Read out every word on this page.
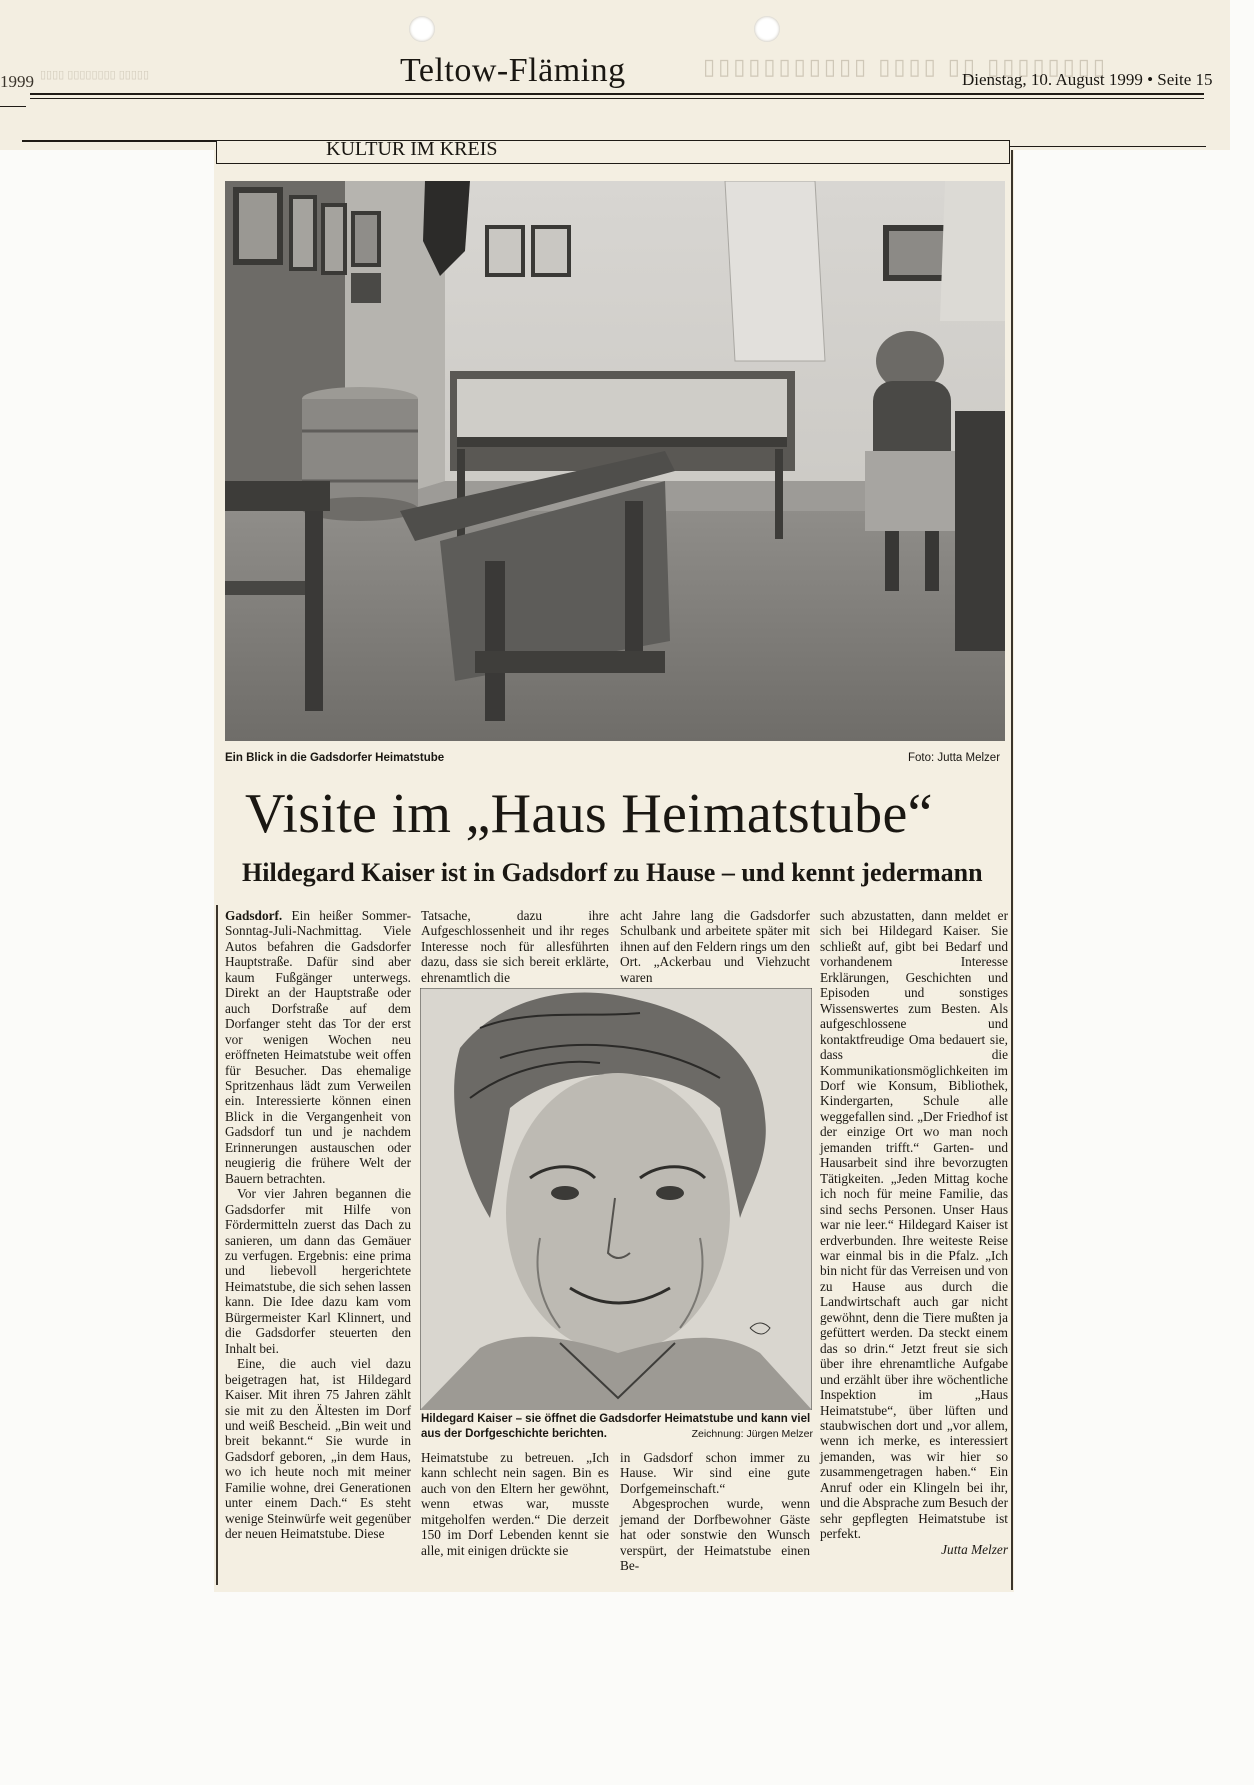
1999
▯▯▯▯▯▯▯▯ ▯▯ ▯▯▯▯ ▯▯▯▯▯▯▯▯▯▯▯
▯▯▯▯ ▯▯▯▯▯▯▯▯ ▯▯▯▯▯	Teltow-Fläming	Dienstag, 10. August 1999 • Seite 15
KULTUR IM KREIS
Ein Blick in die Gadsdorfer Heimatstube	Foto: Jutta Melzer
Visite im „Haus Heimatstube“
Hildegard Kaiser ist in Gadsdorf zu Hause – und kennt jedermann

Gadsdorf. Ein heißer Sommer-Sonntag-Juli-Nachmittag. Viele Autos befahren die Gadsdorfer Hauptstraße. Dafür sind aber kaum Fußgänger unterwegs. Direkt an der Hauptstraße oder auch Dorfstraße auf dem Dorfanger steht das Tor der erst vor wenigen Wochen neu eröffneten Heimatstube weit offen für Besucher. Das ehemalige Spritzenhaus lädt zum Verweilen ein. Interessierte können einen Blick in die Vergangenheit von Gadsdorf tun und je nachdem Erinnerungen austauschen oder neugierig die frühere Welt der Bauern betrachten.

Vor vier Jahren begannen die Gadsdorfer mit Hilfe von Fördermitteln zuerst das Dach zu sanieren, um dann das Gemäuer zu verfugen. Ergebnis: eine prima und liebevoll hergerichtete Heimatstube, die sich sehen lassen kann. Die Idee dazu kam vom Bürgermeister Karl Klinnert, und die Gadsdorfer steuerten den Inhalt bei.

Eine, die auch viel dazu beigetragen hat, ist Hildegard Kaiser. Mit ihren 75 Jahren zählt sie mit zu den Ältesten im Dorf und weiß Bescheid. „Bin weit und breit bekannt.“ Sie wurde in Gadsdorf geboren, „in dem Haus, wo ich heute noch mit meiner Familie wohne, drei Generationen unter einem Dach.“ Es steht wenige Steinwürfe weit gegenüber der neuen Heimatstube. Diese

Tatsache, dazu ihre Aufgeschlossenheit und ihr reges Interesse noch für allesführten dazu, dass sie sich bereit erklärte, ehrenamtlich die

acht Jahre lang die Gadsdorfer Schulbank und arbeitete später mit ihnen auf den Feldern rings um den Ort. „Ackerbau und Viehzucht waren

Hildegard Kaiser – sie öffnet die Gadsdorfer Heimatstube und kann viel aus der Dorfgeschichte berichten.	Zeichnung: Jürgen Melzer

Heimatstube zu betreuen. „Ich kann schlecht nein sagen. Bin es auch von den Eltern her gewöhnt, wenn etwas war, musste mitgeholfen werden.“ Die derzeit 150 im Dorf Lebenden kennt sie alle, mit einigen drückte sie

in Gadsdorf schon immer zu Hause. Wir sind eine gute Dorfgemeinschaft.“

Abgesprochen wurde, wenn jemand der Dorfbewohner Gäste hat oder sonstwie den Wunsch verspürt, der Heimatstube einen Be-

such abzustatten, dann meldet er sich bei Hildegard Kaiser. Sie schließt auf, gibt bei Bedarf und vorhandenem Interesse Erklärungen, Geschichten und Episoden und sonstiges Wissenswertes zum Besten. Als aufgeschlossene und kontaktfreudige Oma bedauert sie, dass die Kommunikationsmöglichkeiten im Dorf wie Konsum, Bibliothek, Kindergarten, Schule alle weggefallen sind. „Der Friedhof ist der einzige Ort wo man noch jemanden trifft.“ Garten- und Hausarbeit sind ihre bevorzugten Tätigkeiten. „Jeden Mittag koche ich noch für meine Familie, das sind sechs Personen. Unser Haus war nie leer.“ Hildegard Kaiser ist erdverbunden. Ihre weiteste Reise war einmal bis in die Pfalz. „Ich bin nicht für das Verreisen und von zu Hause aus durch die Landwirtschaft auch gar nicht gewöhnt, denn die Tiere mußten ja gefüttert werden. Da steckt einem das so drin.“ Jetzt freut sie sich über ihre ehrenamtliche Aufgabe und erzählt über ihre wöchentliche Inspektion im „Haus Heimatstube“, über lüften und staubwischen dort und „vor allem, wenn ich merke, es interessiert jemanden, was wir hier so zusammengetragen haben.“ Ein Anruf oder ein Klingeln bei ihr, und die Absprache zum Besuch der sehr gepflegten Heimatstube ist perfekt.

Jutta Melzer
